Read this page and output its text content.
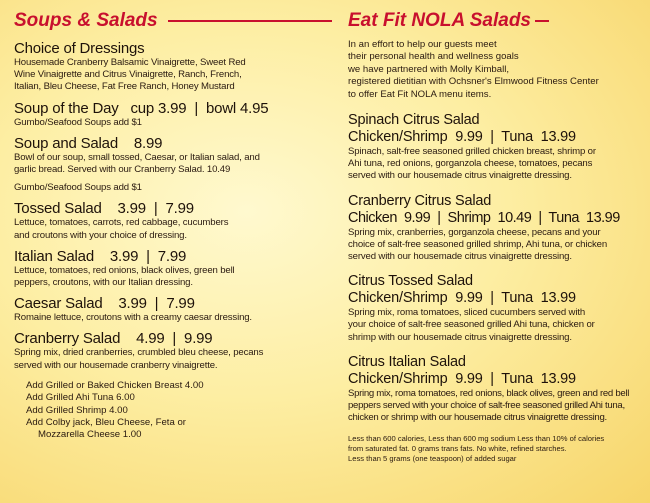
Soups & Salads
Choice of Dressings
Housemade Cranberry Balsamic Vinaigrette, Sweet Red
Wine Vinaigrette and Citrus Vinaigrette, Ranch, French,
Italian, Bleu Cheese, Fat Free Ranch, Honey Mustard
Soup of the Day   cup 3.99  |  bowl 4.95
Gumbo/Seafood Soups add $1
Soup and Salad    8.99
Bowl of our soup, small tossed, Caesar, or Italian salad, and
garlic bread. Served with our Cranberry Salad. 10.49
Gumbo/Seafood Soups add $1
Tossed Salad    3.99  |  7.99
Lettuce, tomatoes, carrots, red cabbage, cucumbers
and croutons with your choice of dressing.
Italian Salad    3.99  |  7.99
Lettuce, tomatoes, red onions, black olives, green bell
peppers, croutons, with our Italian dressing.
Caesar Salad    3.99  |  7.99
Romaine lettuce, croutons with a creamy caesar dressing.
Cranberry Salad    4.99  |  9.99
Spring mix, dried cranberries, crumbled bleu cheese, pecans
served with our housemade cranberry vinaigrette.
Add Grilled or Baked Chicken Breast 4.00
Add Grilled Ahi Tuna 6.00
Add Grilled Shrimp 4.00
Add Colby jack, Bleu Cheese, Feta or
Mozzarella Cheese 1.00
Eat Fit NOLA Salads
In an effort to help our guests meet
their personal health and wellness goals
we have partnered with Molly Kimball,
registered dietitian with Ochsner's Elmwood Fitness Center
to offer Eat Fit NOLA menu items.
Spinach Citrus Salad
Chicken/Shrimp  9.99  |  Tuna  13.99
Spinach, salt-free seasoned grilled chicken breast, shrimp or
Ahi tuna, red onions, gorganzola cheese, tomatoes, pecans
served with our housemade citrus vinaigrette dressing.
Cranberry Citrus Salad
Chicken  9.99  |  Shrimp  10.49  |  Tuna  13.99
Spring mix, cranberries, gorganzola cheese, pecans and your
choice of salt-free seasoned grilled shrimp, Ahi tuna, or chicken
served with our housemade citrus vinaigrette dressing.
Citrus Tossed Salad
Chicken/Shrimp  9.99  |  Tuna  13.99
Spring mix, roma tomatoes, sliced cucumbers served with
your choice of salt-free seasoned grilled Ahi tuna, chicken or
shrimp with our housemade citrus vinaigrette dressing.
Citrus Italian Salad
Chicken/Shrimp  9.99  |  Tuna  13.99
Spring mix, roma tomatoes, red onions, black olives, green and red bell
peppers served with your choice of salt-free seasoned grilled Ahi tuna,
chicken or shrimp with our housemade citrus vinaigrette dressing.
Less than 600 calories, Less than 600 mg sodium Less than 10% of calories
from saturated fat. 0 grams trans fats. No white, refined starches.
Less than 5 grams (one teaspoon) of added sugar
